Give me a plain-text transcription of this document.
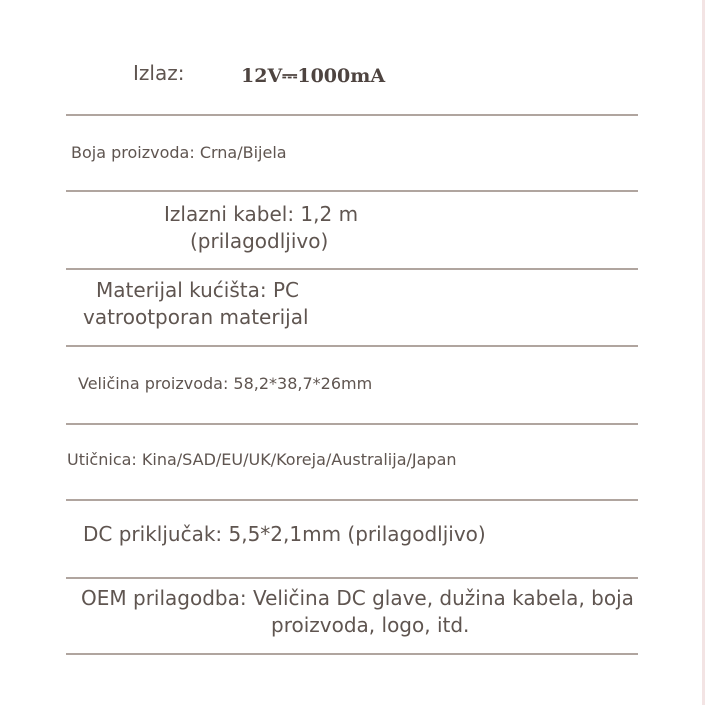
Izlaz:	12V⎓1000mA
Boja proizvoda: Crna/Bijela
Izlazni kabel: 1,2 m
(prilagodljivo)
Materijal kućišta: PC
vatrootporan materijal
Veličina proizvoda: 58,2*38,7*26mm
Utičnica: Kina/SAD/EU/UK/Koreja/Australija/Japan
DC priključak: 5,5*2,1mm (prilagodljivo)
OEM prilagodba: Veličina DC glave, dužina kabela, boja
proizvoda, logo, itd.
